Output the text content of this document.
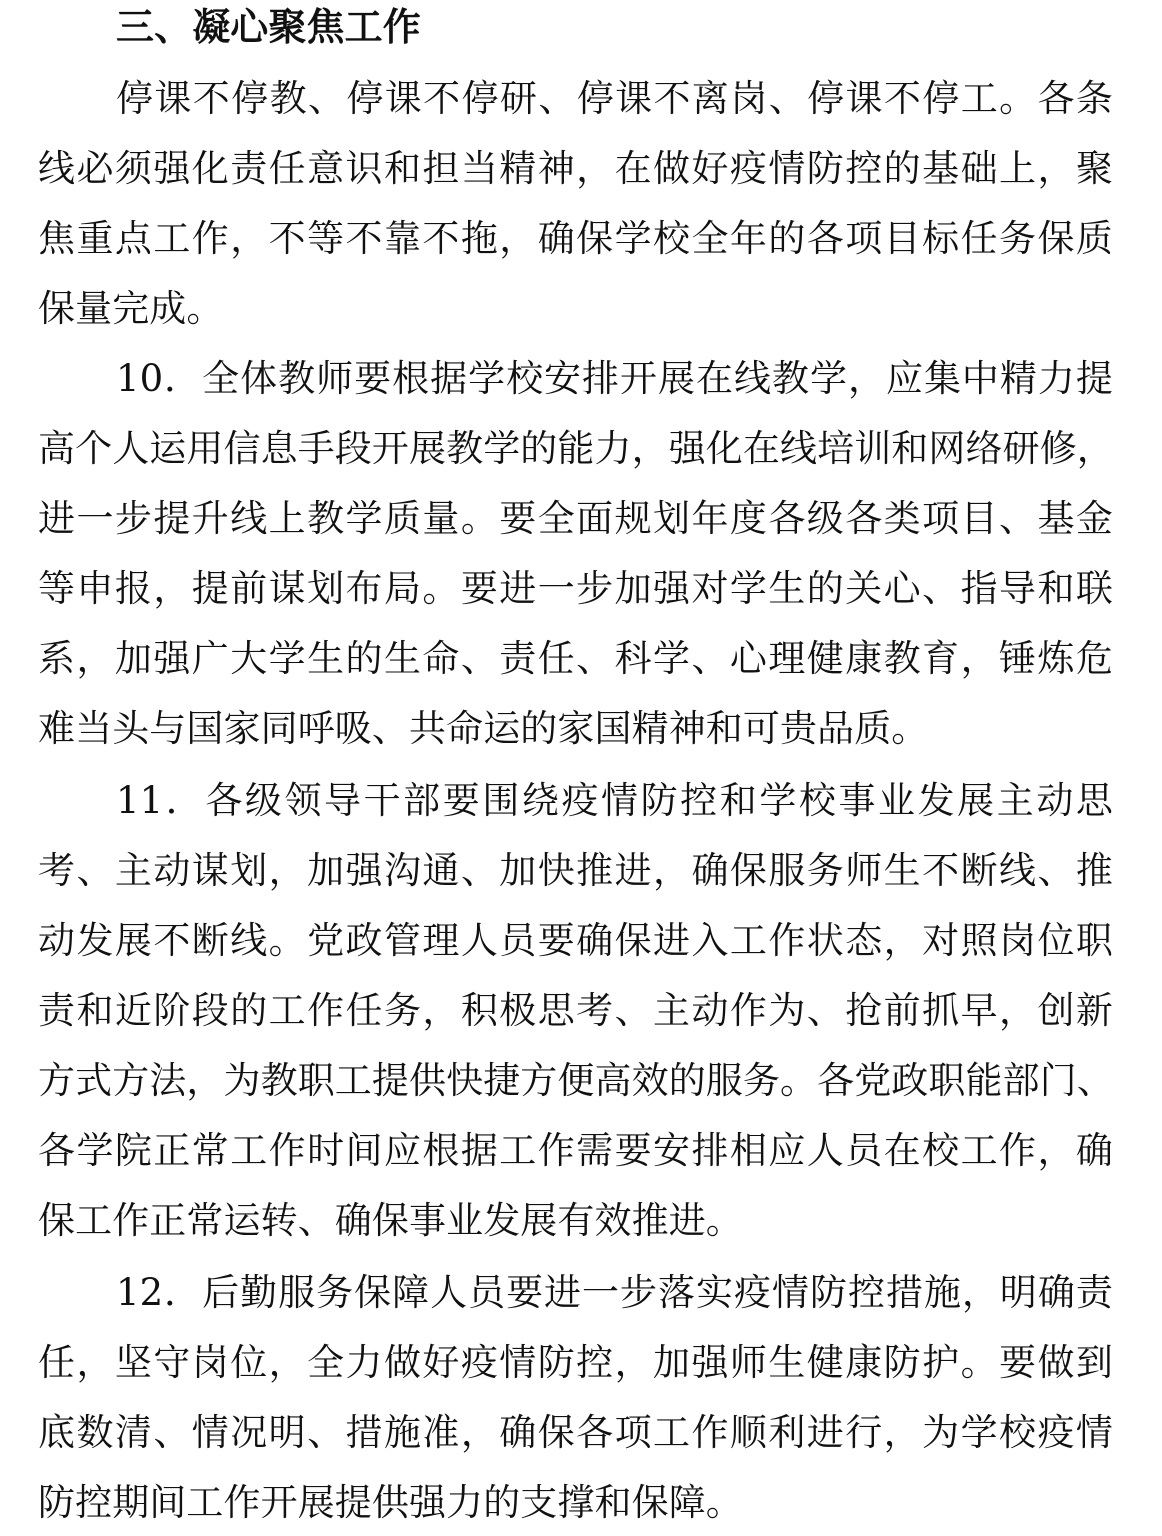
三、凝心聚焦工作
停课不停教、停课不停研、停课不离岗、停课不停工。各条
线必须强化责任意识和担当精神，在做好疫情防控的基础上，聚
焦重点工作，不等不靠不拖，确保学校全年的各项目标任务保质
保量完成。
10．全体教师要根据学校安排开展在线教学，应集中精力提
高个人运用信息手段开展教学的能力，强化在线培训和网络研修，
进一步提升线上教学质量。要全面规划年度各级各类项目、基金
等申报，提前谋划布局。要进一步加强对学生的关心、指导和联
系，加强广大学生的生命、责任、科学、心理健康教育，锤炼危
难当头与国家同呼吸、共命运的家国精神和可贵品质。
11．各级领导干部要围绕疫情防控和学校事业发展主动思
考、主动谋划，加强沟通、加快推进，确保服务师生不断线、推
动发展不断线。党政管理人员要确保进入工作状态，对照岗位职
责和近阶段的工作任务，积极思考、主动作为、抢前抓早，创新
方式方法，为教职工提供快捷方便高效的服务。各党政职能部门、
各学院正常工作时间应根据工作需要安排相应人员在校工作，确
保工作正常运转、确保事业发展有效推进。
12．后勤服务保障人员要进一步落实疫情防控措施，明确责
任，坚守岗位，全力做好疫情防控，加强师生健康防护。要做到
底数清、情况明、措施准，确保各项工作顺利进行，为学校疫情
防控期间工作开展提供强力的支撑和保障。
